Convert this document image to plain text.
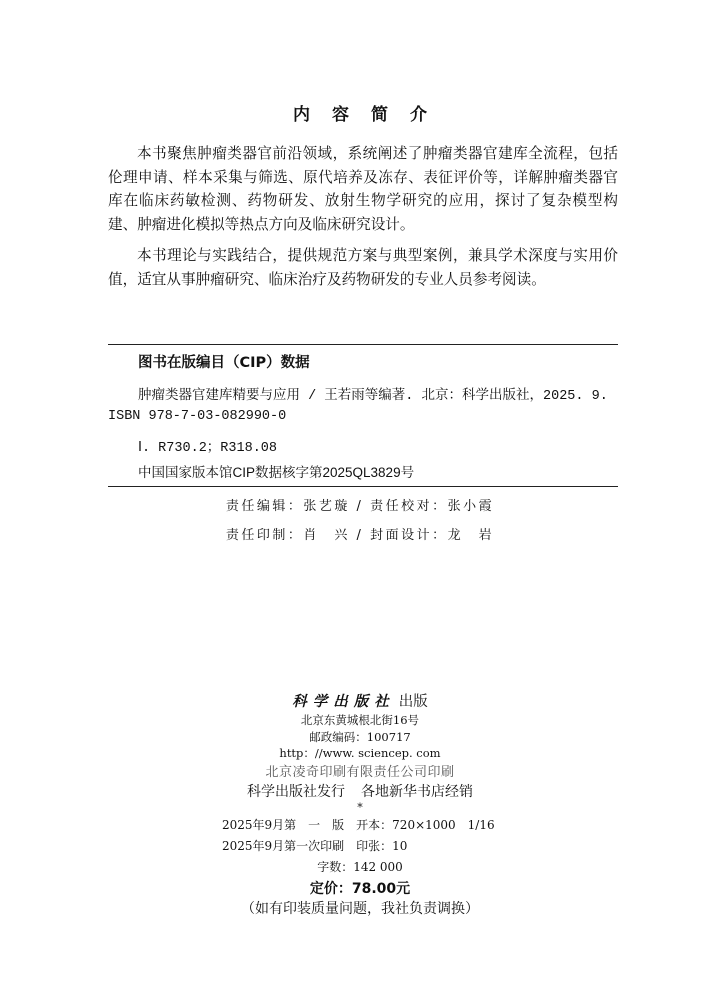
内容简介

本书聚焦肿瘤类器官前沿领域，系统阐述了肿瘤类器官建库全流程，包括伦理申请、样本采集与筛选、原代培养及冻存、表征评价等，详解肿瘤类器官库在临床药敏检测、药物研发、放射生物学研究的应用，探讨了复杂模型构建、肿瘤进化模拟等热点方向及临床研究设计。

本书理论与实践结合，提供规范方案与典型案例，兼具学术深度与实用价值，适宜从事肿瘤研究、临床治疗及药物研发的专业人员参考阅读。

图书在版编目（CIP）数据
肿瘤类器官建库精要与应用 / 王若雨等编著. 北京：科学出版社，2025. 9.
ISBN 978-7-03-082990-0
Ⅰ. R730.2；R318.08
中国国家版本馆CIP数据核字第2025QL3829号
责任编辑：张艺璇 / 责任校对：张小霞
责任印制：肖　兴 / 封面设计：龙　岩
科学出版社 出版
北京东黄城根北街16号
邮政编码：100717
http：//www. sciencep. com
北京凌奇印刷有限责任公司印刷
科学出版社发行 各地新华书店经销
*
2025年9月第　一　版　开本：720×1000　1/16
2025年9月第一次印刷　印张：10
字数：142 000
定价：78.00元
（如有印装质量问题，我社负责调换）
